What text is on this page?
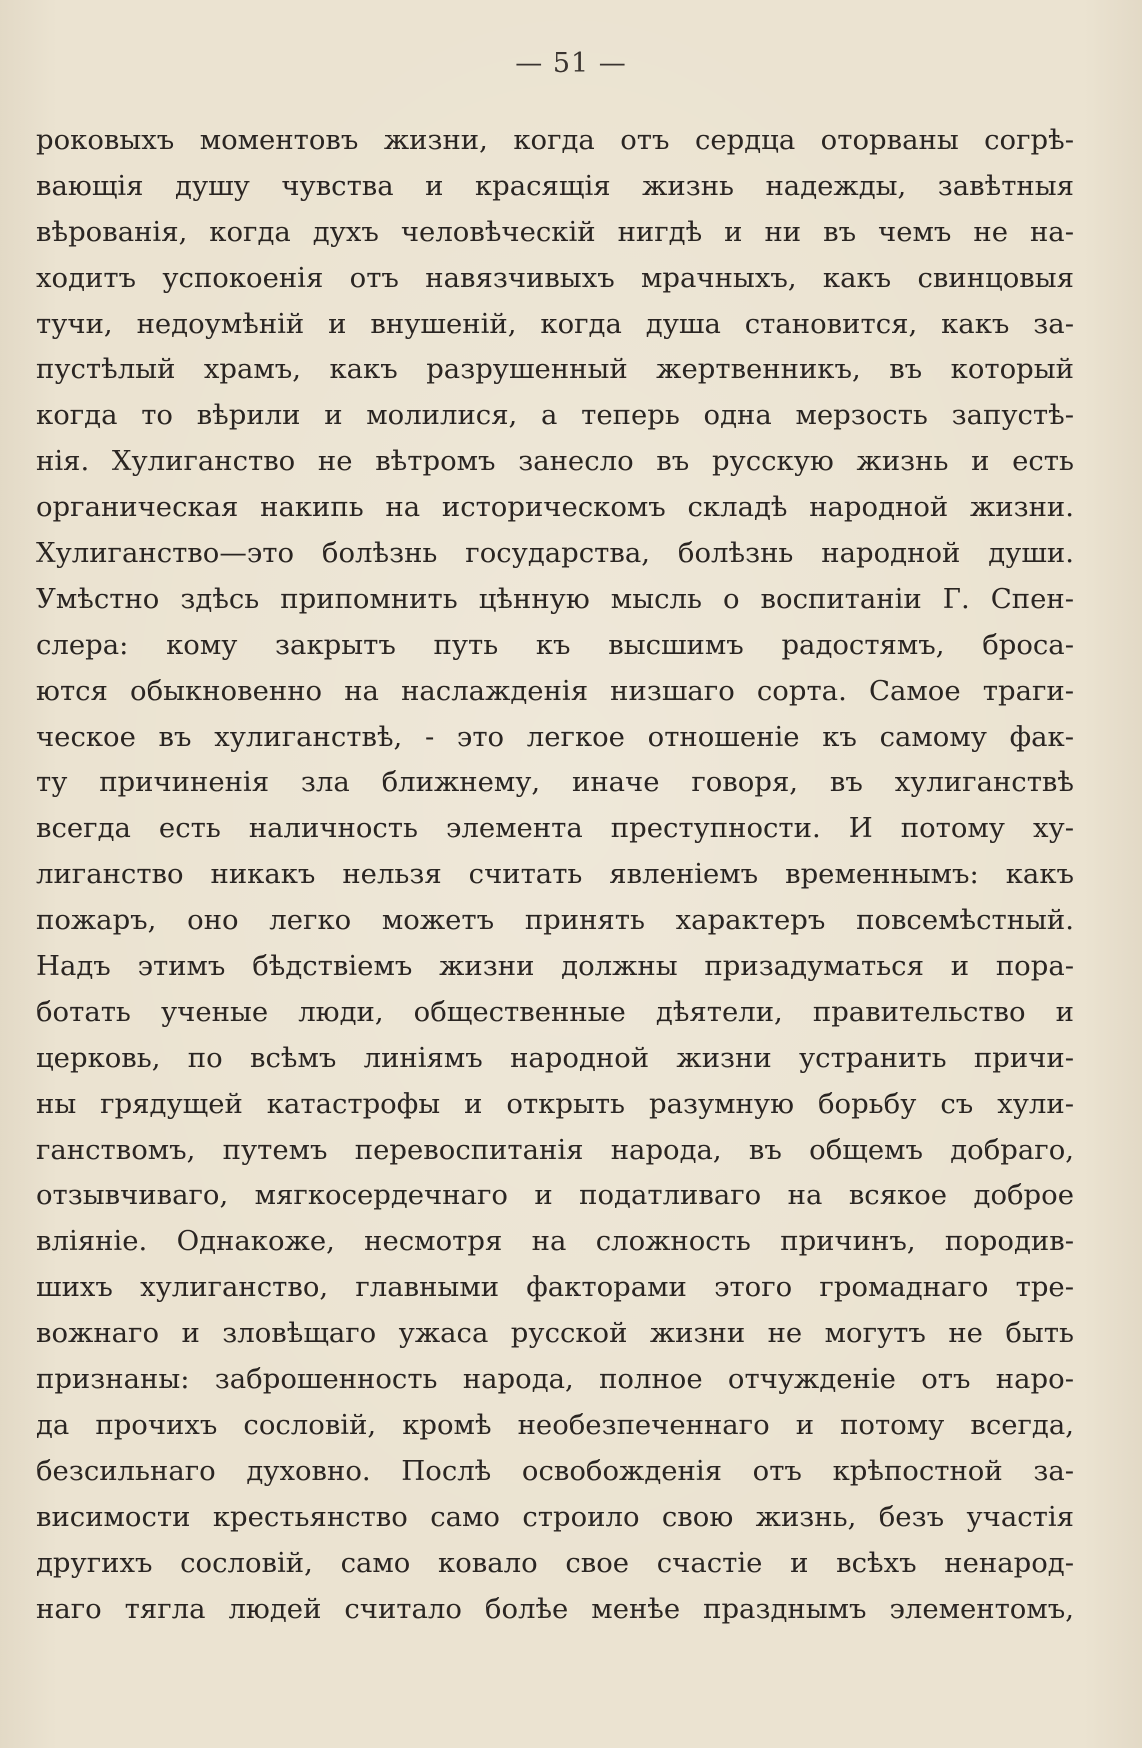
— 51 —
роковыхъ моментовъ жизни, когда отъ сердца оторваны согрѣ-
вающія душу чувства и красящія жизнь надежды, завѣтныя
вѣрованія, когда духъ человѣческій нигдѣ и ни въ чемъ не на-
ходитъ успокоенія отъ навязчивыхъ мрачныхъ, какъ свинцовыя
тучи, недоумѣній и внушеній, когда душа становится, какъ за-
пустѣлый храмъ, какъ разрушенный жертвенникъ, въ который
когда то вѣрили и молилися, а теперь одна мерзость запустѣ-
нія. Хулиганство не вѣтромъ занесло въ русскую жизнь и есть
органическая накипь на историческомъ складѣ народной жизни.
Хулиганство—это болѣзнь государства, болѣзнь народной души.
Умѣстно здѣсь припомнить цѣнную мысль о воспитаніи Г. Спен-
слера: кому закрытъ путь къ высшимъ радостямъ, броса-
ются обыкновенно на наслажденія низшаго сорта. Самое траги-
ческое въ хулиганствѣ, - это легкое отношеніе къ самому фак-
ту причиненія зла ближнему, иначе говоря, въ хулиганствѣ
всегда есть наличность элемента преступности. И потому ху-
лиганство никакъ нельзя считать явленіемъ временнымъ: какъ
пожаръ, оно легко можетъ принять характеръ повсемѣстный.
Надъ этимъ бѣдствіемъ жизни должны призадуматься и пора-
ботать ученые люди, общественные дѣятели, правительство и
церковь, по всѣмъ линіямъ народной жизни устранить причи-
ны грядущей катастрофы и открыть разумную борьбу съ хули-
ганствомъ, путемъ перевоспитанія народа, въ общемъ добраго,
отзывчиваго, мягкосердечнаго и податливаго на всякое доброе
вліяніе. Однакоже, несмотря на сложность причинъ, породив-
шихъ хулиганство, главными факторами этого громаднаго тре-
вожнаго и зловѣщаго ужаса русской жизни не могутъ не быть
признаны: заброшенность народа, полное отчужденіе отъ наро-
да прочихъ сословій, кромѣ необезпеченнаго и потому всегда,
безсильнаго духовно. Послѣ освобожденія отъ крѣпостной за-
висимости крестьянство само строило свою жизнь, безъ участія
другихъ сословій, само ковало свое счастіе и всѣхъ ненарод-
наго тягла людей считало болѣе менѣе празднымъ элементомъ,
